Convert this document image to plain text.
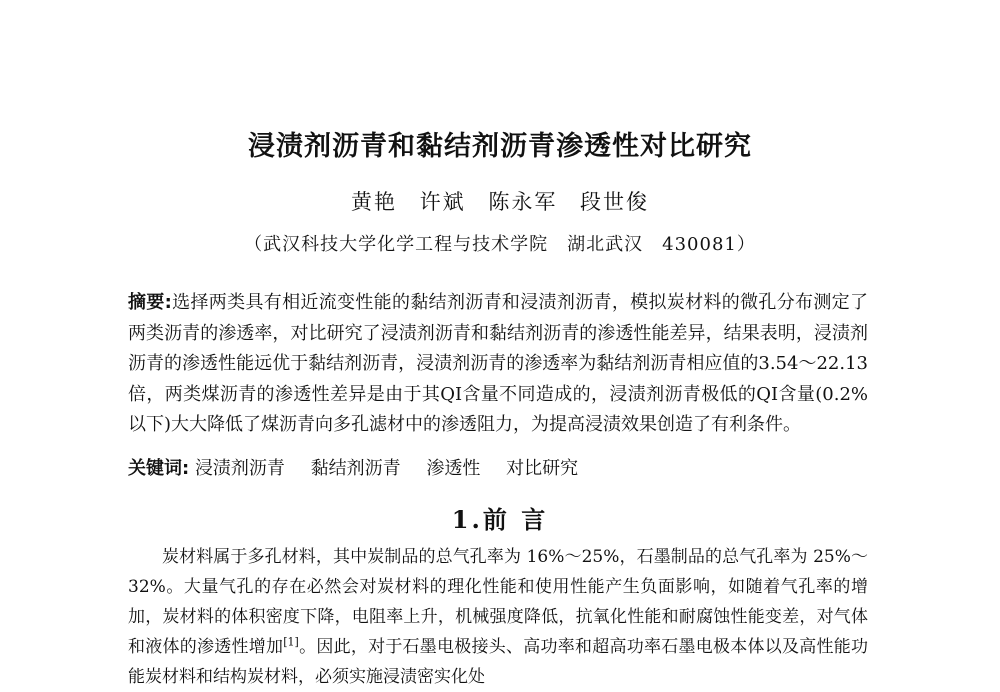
浸渍剂沥青和黏结剂沥青渗透性对比研究
黄艳 许斌 陈永军 段世俊
（武汉科技大学化学工程与技术学院　湖北武汉　430081）
摘要:选择两类具有相近流变性能的黏结剂沥青和浸渍剂沥青，模拟炭材料的微孔分布测定了两类沥青的渗透率，对比研究了浸渍剂沥青和黏结剂沥青的渗透性能差异，结果表明，浸渍剂沥青的渗透性能远优于黏结剂沥青，浸渍剂沥青的渗透率为黏结剂沥青相应值的3.54～22.13倍，两类煤沥青的渗透性差异是由于其QI含量不同造成的，浸渍剂沥青极低的QI含量(0.2%以下)大大降低了煤沥青向多孔滤材中的渗透阻力，为提高浸渍效果创造了有利条件。
关键词: 浸渍剂沥青 黏结剂沥青 渗透性 对比研究
1.前 言
炭材料属于多孔材料，其中炭制品的总气孔率为 16%～25%，石墨制品的总气孔率为 25%～32%。大量气孔的存在必然会对炭材料的理化性能和使用性能产生负面影响，如随着气孔率的增加，炭材料的体积密度下降，电阻率上升，机械强度降低，抗氧化性能和耐腐蚀性能变差，对气体和液体的渗透性增加[1]。因此，对于石墨电极接头、高功率和超高功率石墨电极本体以及高性能功能炭材料和结构炭材料，必须实施浸渍密实化处
